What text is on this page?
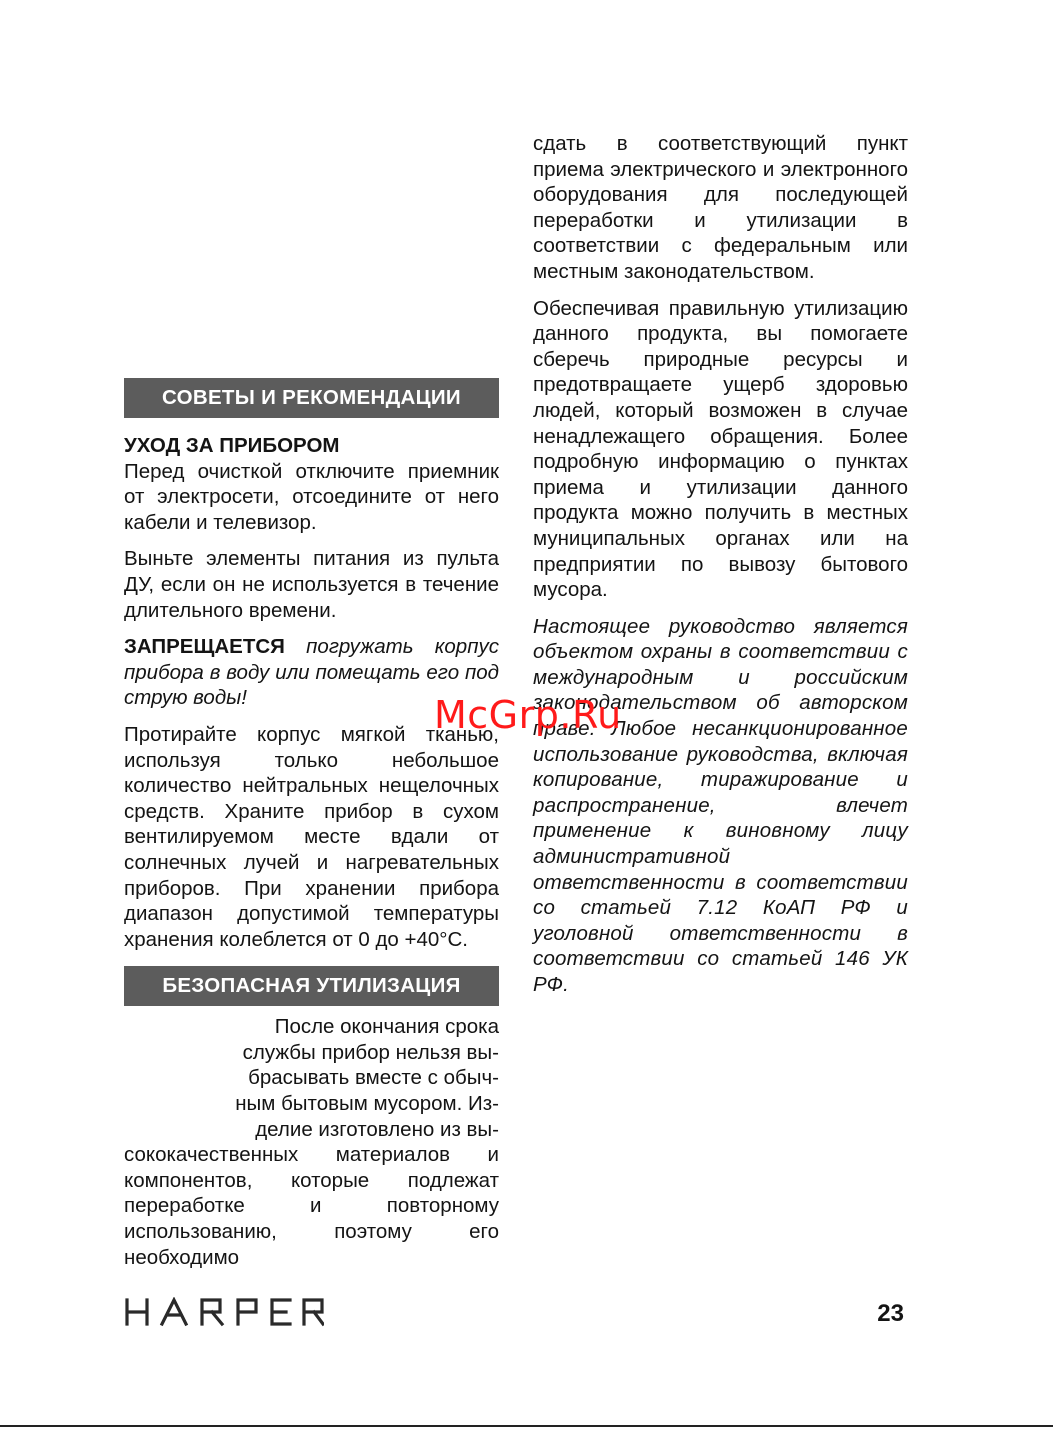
СОВЕТЫ И РЕКОМЕНДАЦИИ
УХОД ЗА ПРИБОРОМ

Перед очисткой отключите приемник от электросети, отсоедините от него кабели и телевизор.

Выньте элементы питания из пульта ДУ, если он не используется в течение длительного времени.

ЗАПРЕЩАЕТСЯ погружать корпус прибора в воду или помещать его под струю воды!

Протирайте корпус мягкой тканью, используя только небольшое количество нейтральных нещелочных средств. Храните прибор в сухом вентилируемом месте вдали от солнечных лучей и нагревательных приборов. При хранении прибора диапазон допустимой температуры хранения колеблется от 0 до +40°С.

БЕЗОПАСНАЯ УТИЛИЗАЦИЯ
После окончания срока
службы прибор нельзя вы-
брасывать вместе с обыч-
ным бытовым мусором. Из-
делие изготовлено из вы-

сококачественных материалов и компонентов, которые подлежат переработке и повторному использованию, поэтому его необходимо

сдать в соответствующий пункт приема электрического и электронного оборудования для последующей переработки и утилизации в соответствии с федеральным или местным законодательством.

Обеспечивая правильную утилизацию данного продукта, вы помогаете сберечь природные ресурсы и предотвращаете ущерб здоровью людей, который возможен в случае ненадлежащего обращения. Более подробную информацию о пунктах приема и утилизации данного продукта можно получить в местных муниципальных органах или на предприятии по вывозу бытового мусора.

Настоящее руководство является объектом охраны в соответствии с международным и российским законодательством об авторском праве. Любое несанкционированное использование руководства, включая копирование, тиражирование и распространение, влечет применение к виновному лицу административной ответственности в соответствии со статьей 7.12 КоАП РФ и уголовной ответственности в соответствии со статьей 146 УК РФ.

McGrp.Ru
23
